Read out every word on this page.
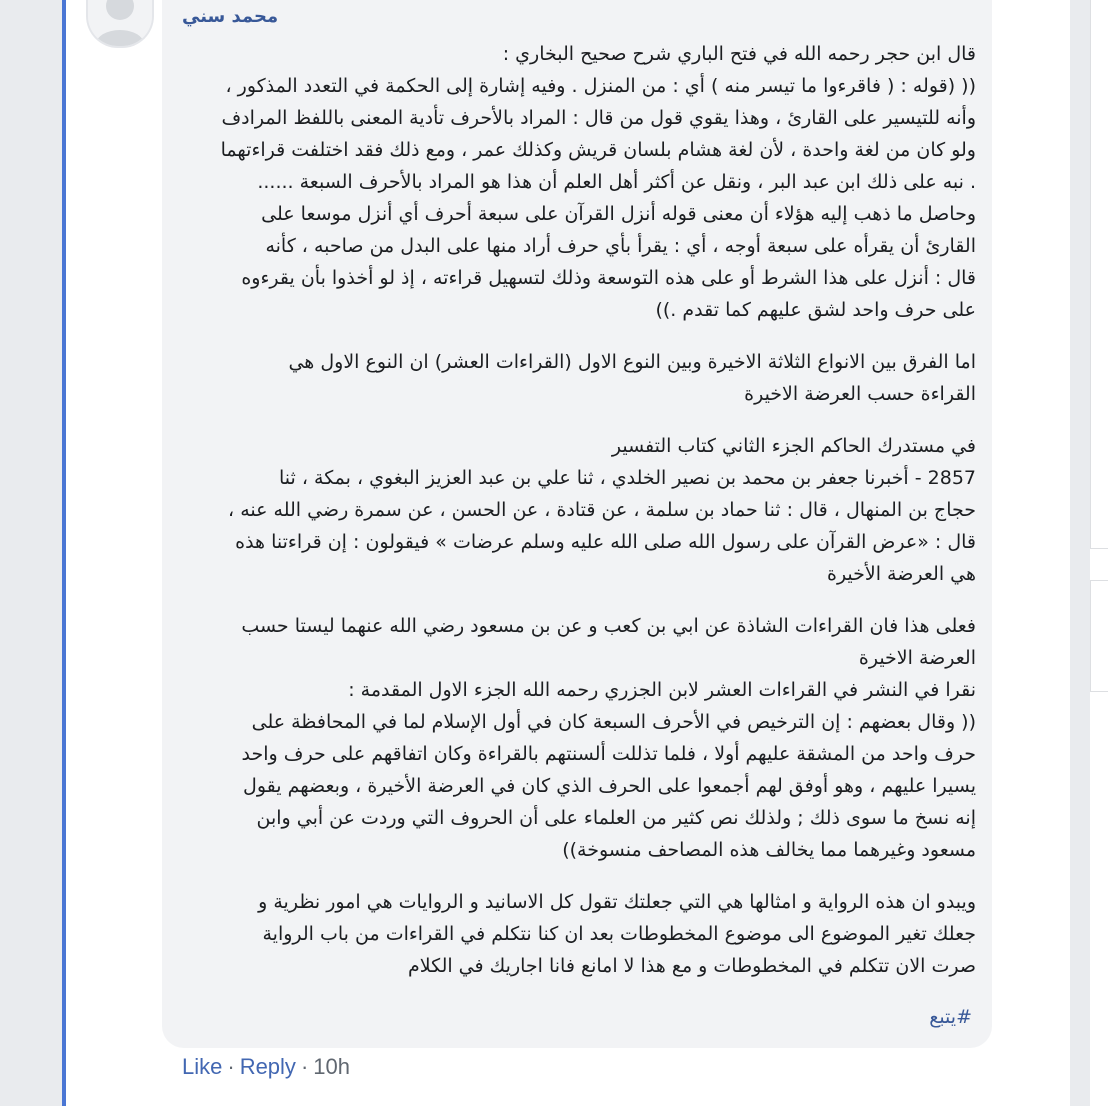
محمد سني
قال ابن حجر رحمه الله في فتح الباري شرح صحيح البخاري :
(( (قوله : ( فاقرءوا ما تيسر منه ) أي : من المنزل . وفيه إشارة إلى الحكمة في التعدد المذكور ،
وأنه للتيسير على القارئ ، وهذا يقوي قول من قال : المراد بالأحرف تأدية المعنى باللفظ المرادف
ولو كان من لغة واحدة ، لأن لغة هشام بلسان قريش وكذلك عمر ، ومع ذلك فقد اختلفت قراءتهما
. نبه على ذلك ابن عبد البر ، ونقل عن أكثر أهل العلم أن هذا هو المراد بالأحرف السبعة ......
وحاصل ما ذهب إليه هؤلاء أن معنى قوله أنزل القرآن على سبعة أحرف أي أنزل موسعا على
القارئ أن يقرأه على سبعة أوجه ، أي : يقرأ بأي حرف أراد منها على البدل من صاحبه ، كأنه
قال : أنزل على هذا الشرط أو على هذه التوسعة وذلك لتسهيل قراءته ، إذ لو أخذوا بأن يقرءوه
على حرف واحد لشق عليهم كما تقدم .))
اما الفرق بين الانواع الثلاثة الاخيرة وبين النوع الاول (القراءات العشر) ان النوع الاول هي
القراءة حسب العرضة الاخيرة
في مستدرك الحاكم الجزء الثاني كتاب التفسير
2857 - أخبرنا جعفر بن محمد بن نصير الخلدي ، ثنا علي بن عبد العزيز البغوي ، بمكة ، ثنا
حجاج بن المنهال ، قال : ثنا حماد بن سلمة ، عن قتادة ، عن الحسن ، عن سمرة رضي الله عنه ،
قال : «عرض القرآن على رسول الله صلى الله عليه وسلم عرضات » فيقولون : إن قراءتنا هذه
هي العرضة الأخيرة
فعلى هذا فان القراءات الشاذة عن ابي بن كعب و عن بن مسعود رضي الله عنهما ليستا حسب
العرضة الاخيرة
نقرا في النشر في القراءات العشر لابن الجزري رحمه الله الجزء الاول المقدمة :
(( وقال بعضهم : إن الترخيص في الأحرف السبعة كان في أول الإسلام لما في المحافظة على
حرف واحد من المشقة عليهم أولا ، فلما تذللت ألسنتهم بالقراءة وكان اتفاقهم على حرف واحد
يسيرا عليهم ، وهو أوفق لهم أجمعوا على الحرف الذي كان في العرضة الأخيرة ، وبعضهم يقول
إنه نسخ ما سوى ذلك ; ولذلك نص كثير من العلماء على أن الحروف التي وردت عن أبي وابن
مسعود وغيرهما مما يخالف هذه المصاحف منسوخة))
ويبدو ان هذه الرواية و امثالها هي التي جعلتك تقول كل الاسانيد و الروايات هي امور نظرية و
جعلك تغير الموضوع الى موضوع المخطوطات بعد ان كنا نتكلم في القراءات من باب الرواية
صرت الان تتكلم في المخطوطات و مع هذا لا امانع فانا اجاريك في الكلام
#يتبع
Like · Reply · 10h
